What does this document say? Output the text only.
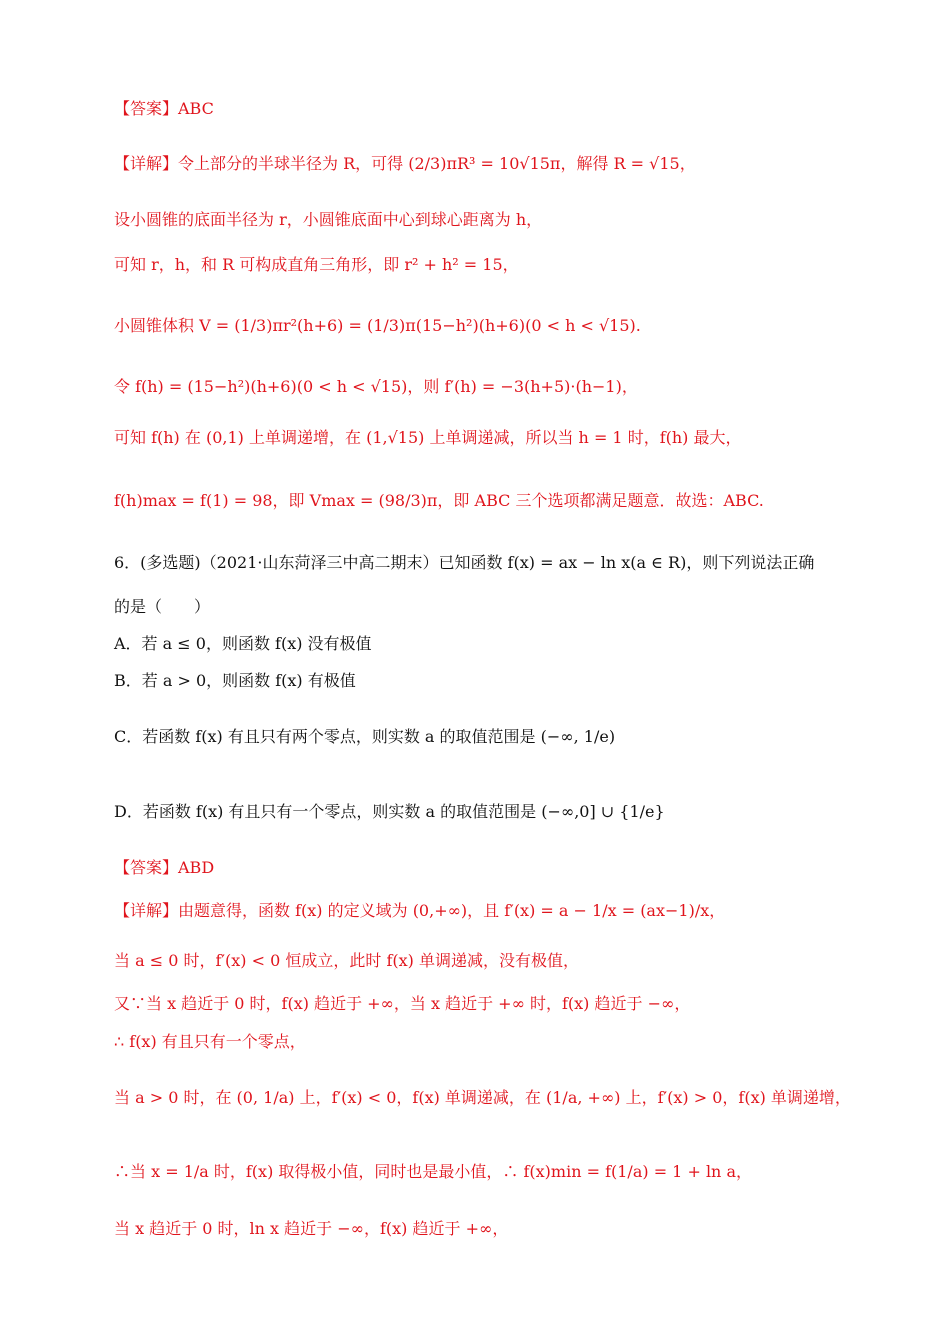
【答案】ABC
【详解】令上部分的半球半径为 R，可得 (2/3)πR³ = 10√15π，解得 R = √15，
设小圆锥的底面半径为 r，小圆锥底面中心到球心距离为 h，
可知 r，h，和 R 可构成直角三角形，即 r² + h² = 15，
小圆锥体积 V = (1/3)πr²(h+6) = (1/3)π(15−h²)(h+6)(0 < h < √15).
令 f(h) = (15−h²)(h+6)(0 < h < √15)，则 f′(h) = −3(h+5)·(h−1)，
可知 f(h) 在 (0,1) 上单调递增，在 (1,√15) 上单调递减，所以当 h = 1 时，f(h) 最大，
f(h)max = f(1) = 98，即 Vmax = (98/3)π，即 ABC 三个选项都满足题意．故选：ABC.
6．(多选题)（2021·山东菏泽三中高二期末）已知函数 f(x) = ax − ln x(a ∈ R)，则下列说法正确
的是（　　）
A．若 a ≤ 0，则函数 f(x) 没有极值
B．若 a > 0，则函数 f(x) 有极值
C．若函数 f(x) 有且只有两个零点，则实数 a 的取值范围是 (−∞, 1/e)
D．若函数 f(x) 有且只有一个零点，则实数 a 的取值范围是 (−∞,0] ∪ {1/e}
【答案】ABD
【详解】由题意得，函数 f(x) 的定义域为 (0,+∞)，且 f′(x) = a − 1/x = (ax−1)/x，
当 a ≤ 0 时，f′(x) < 0 恒成立，此时 f(x) 单调递减，没有极值，
又∵当 x 趋近于 0 时，f(x) 趋近于 +∞，当 x 趋近于 +∞ 时，f(x) 趋近于 −∞，
∴ f(x) 有且只有一个零点，
当 a > 0 时，在 (0, 1/a) 上，f′(x) < 0，f(x) 单调递减，在 (1/a, +∞) 上，f′(x) > 0，f(x) 单调递增，
∴当 x = 1/a 时，f(x) 取得极小值，同时也是最小值，∴ f(x)min = f(1/a) = 1 + ln a，
当 x 趋近于 0 时，ln x 趋近于 −∞，f(x) 趋近于 +∞，
